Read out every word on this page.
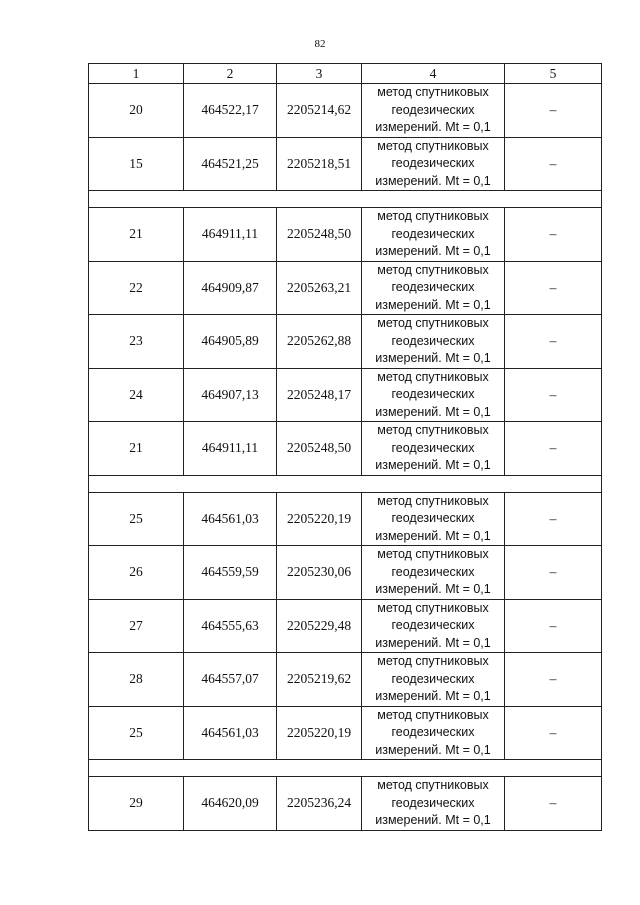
82
1	2	3	4	5
20	464522,17	2205214,62	метод спутниковых
геодезических
измерений. Mt = 0,1	–
15	464521,25	2205218,51	метод спутниковых
геодезических
измерений. Mt = 0,1	–

21	464911,11	2205248,50	метод спутниковых
геодезических
измерений. Mt = 0,1	–
22	464909,87	2205263,21	метод спутниковых
геодезических
измерений. Mt = 0,1	–
23	464905,89	2205262,88	метод спутниковых
геодезических
измерений. Mt = 0,1	–
24	464907,13	2205248,17	метод спутниковых
геодезических
измерений. Mt = 0,1	–
21	464911,11	2205248,50	метод спутниковых
геодезических
измерений. Mt = 0,1	–

25	464561,03	2205220,19	метод спутниковых
геодезических
измерений. Mt = 0,1	–
26	464559,59	2205230,06	метод спутниковых
геодезических
измерений. Mt = 0,1	–
27	464555,63	2205229,48	метод спутниковых
геодезических
измерений. Mt = 0,1	–
28	464557,07	2205219,62	метод спутниковых
геодезических
измерений. Mt = 0,1	–
25	464561,03	2205220,19	метод спутниковых
геодезических
измерений. Mt = 0,1	–

29	464620,09	2205236,24	метод спутниковых
геодезических
измерений. Mt = 0,1	–
